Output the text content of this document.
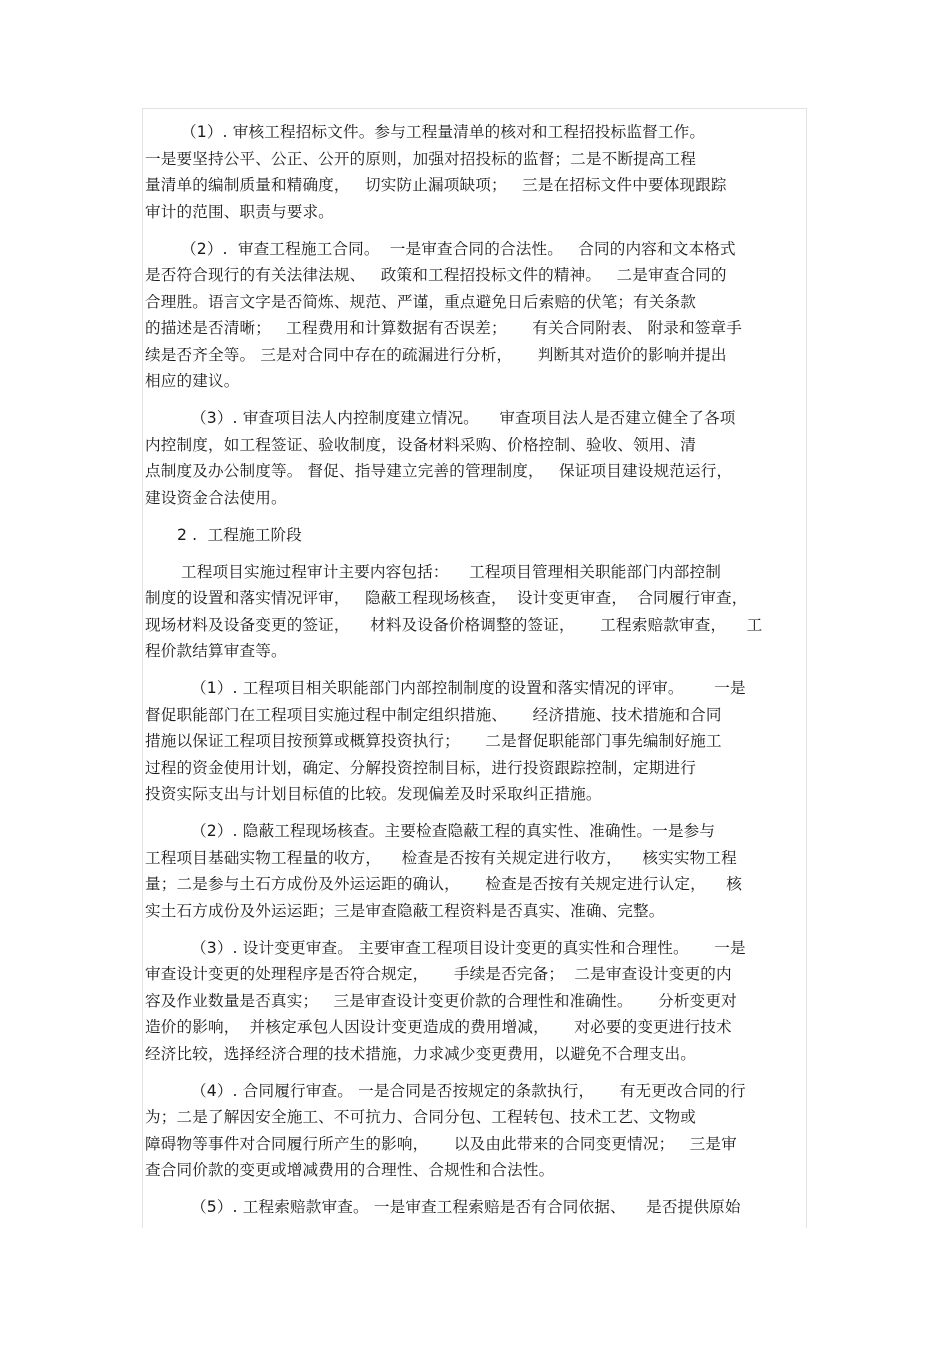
（1）. 审核工程招标文件。参与工程量清单的核对和工程招投标监督工作。
一是要坚持公平、公正、公开的原则，加强对招投标的监督；二是不断提高工程
量清单的编制质量和精确度，   切实防止漏项缺项；   三是在招标文件中要体现跟踪
审计的范围、职责与要求。
（2）.  审查工程施工合同。  一是审查合同的合法性。   合同的内容和文本格式
是否符合现行的有关法律法规、   政策和工程招投标文件的精神。   二是审查合同的
合理胜。语言文字是否简炼、规范、严谨，重点避免日后索赔的伏笔；有关条款
的描述是否清晰；   工程费用和计算数据有否误差；     有关合同附表、 附录和签章手
续是否齐全等。 三是对合同中存在的疏漏进行分析，     判断其对造价的影响并提出
相应的建议。
（3）. 审查项目法人内控制度建立情况。    审查项目法人是否建立健全了各项
内控制度，如工程签证、验收制度，设备材料采购、价格控制、验收、领用、清
点制度及办公制度等。 督促、指导建立完善的管理制度，   保证项目建设规范运行，
建设资金合法使用。
2 .  工程施工阶段
工程项目实施过程审计主要内容包括：    工程项目管理相关职能部门内部控制
制度的设置和落实情况评审，   隐蔽工程现场核查，  设计变更审查，  合同履行审查，
现场材料及设备变更的签证，    材料及设备价格调整的签证，     工程索赔款审查，    工
程价款结算审查等。
（1）. 工程项目相关职能部门内部控制制度的设置和落实情况的评审。      一是
督促职能部门在工程项目实施过程中制定组织措施、     经济措施、技术措施和合同
措施以保证工程项目按预算或概算投资执行；     二是督促职能部门事先编制好施工
过程的资金使用计划，确定、分解投资控制目标，进行投资跟踪控制，定期进行
投资实际支出与计划目标值的比较。发现偏差及时采取纠正措施。
（2）. 隐蔽工程现场核查。主要检查隐蔽工程的真实性、准确性。一是参与
工程项目基础实物工程量的收方，    检查是否按有关规定进行收方，    核实实物工程
量；二是参与土石方成份及外运运距的确认，     检查是否按有关规定进行认定，    核
实土石方成份及外运运距；三是审查隐蔽工程资料是否真实、准确、完整。
（3）. 设计变更审查。 主要审查工程项目设计变更的真实性和合理性。     一是
审查设计变更的处理程序是否符合规定，     手续是否完备；  二是审查设计变更的内
容及作业数量是否真实；   三是审查设计变更价款的合理性和准确性。     分析变更对
造价的影响，  并核定承包人因设计变更造成的费用增减，     对必要的变更进行技术
经济比较，选择经济合理的技术措施，力求减少变更费用，以避免不合理支出。
（4）. 合同履行审查。 一是合同是否按规定的条款执行，     有无更改合同的行
为；二是了解因安全施工、不可抗力、合同分包、工程转包、技术工艺、文物或
障碍物等事件对合同履行所产生的影响，     以及由此带来的合同变更情况；   三是审
查合同价款的变更或增减费用的合理性、合规性和合法性。
（5）. 工程索赔款审查。 一是审查工程索赔是否有合同依据、    是否提供原始
